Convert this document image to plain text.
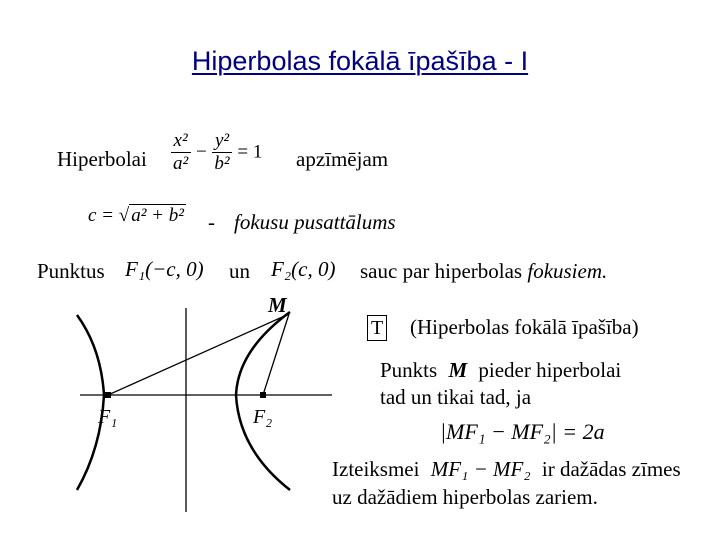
Hiperbolas fokālā īpašība - I
Hiperbolai $\frac{\text{x²}}{\text{a²}} - \frac{\text{y²}}{\text{b²}} = 1$ apzīmējam
c = √ a² + b² - fokusu pusattālums
Punktus F₁(−c, 0) un F₂(c, 0) sauc par hiperbolas fokusiem.
M
F₁	F₂
T (Hiperbolas fokālā īpašība)
Punkts M pieder hiperbolai
tad un tikai tad, ja
|MF₁ − MF₂| = 2a
Izteiksmei MF₁ − MF₂ ir dažādas zīmes
uz dažādiem hiperbolas zariem.
